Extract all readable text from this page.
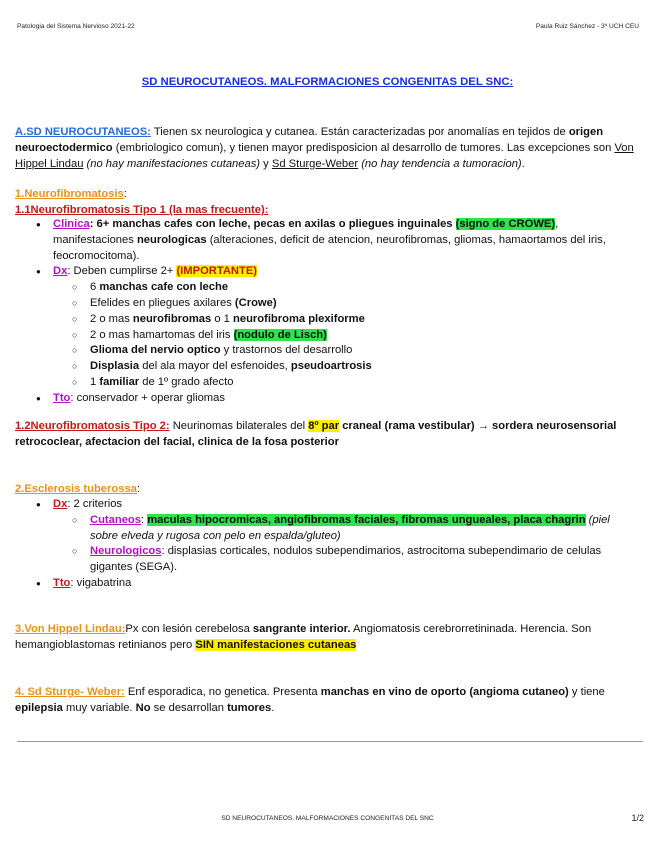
Patologia del Sistema Nervioso 2021-22	Paula Ruiz Sánchez - 3º UCH CEU
SD NEUROCUTANEOS. MALFORMACIONES CONGENITAS DEL SNC:
A.SD NEUROCUTANEOS: Tienen sx neurologica y cutanea. Están caracterizadas por anomalías en tejidos de origen neuroectodermico (embriologico comun), y tienen mayor predisposicion al desarrollo de tumores. Las excepciones son Von Hippel Lindau (no hay manifestaciones cutaneas) y Sd Sturge-Weber (no hay tendencia a tumoracion).
1.Neurofibromatosis:
1.1Neurofibromatosis Tipo 1 (la mas frecuente):
● Clinica: 6+ manchas cafes con leche, pecas en axilas o pliegues inguinales (signo de CROWE), manifestaciones neurologicas (alteraciones, deficit de atencion, neurofibromas, gliomas, hamaortamos del iris, feocromocitoma).
● Dx: Deben cumplirse 2+ (IMPORTANTE)
○ 6 manchas cafe con leche
○ Efelides en pliegues axilares (Crowe)
○ 2 o mas neurofibromas o 1 neurofibroma plexiforme
○ 2 o mas hamartomas del iris (nodulo de Lisch)
○ Glioma del nervio optico y trastornos del desarrollo
○ Displasia del ala mayor del esfenoides, pseudoartrosis
○ 1 familiar de 1º grado afecto
● Tto: conservador + operar gliomas
1.2Neurofibromatosis Tipo 2: Neurinomas bilaterales del 8º par craneal (rama vestibular) → sordera neurosensorial retrococlear, afectacion del facial, clinica de la fosa posterior
2.Esclerosis tuberossa:
● Dx: 2 criterios
○ Cutaneos: maculas hipocromicas, angiofibromas faciales, fibromas ungueales, placa chagrin (piel sobre elveda y rugosa con pelo en espalda/gluteo)
○ Neurologicos: displasias corticales, nodulos subependimarios, astrocitoma subependimario de celulas gigantes (SEGA).
● Tto: vigabatrina
3.Von Hippel Lindau:Px con lesión cerebelosa sangrante interior. Angiomatosis cerebrorretininada. Herencia. Son hemangioblastomas retinianos pero SIN manifestaciones cutaneas
4. Sd Sturge- Weber: Enf esporadica, no genetica. Presenta manchas en vino de oporto (angioma cutaneo) y tiene epilepsia muy variable. No se desarrollan tumores.
SD NEUROCUTANEOS. MALFORMACIONES CONGENITAS DEL SNC	1/2
